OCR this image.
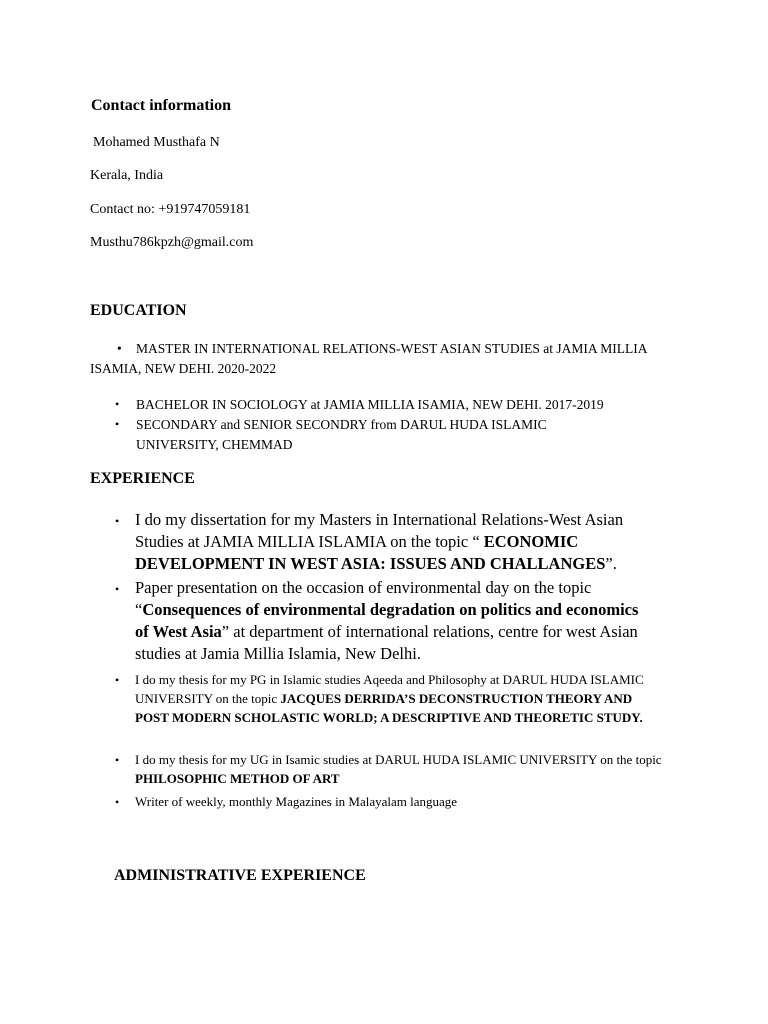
Contact information
Mohamed Musthafa N
Kerala, India
Contact no: +919747059181
Musthu786kpzh@gmail.com
EDUCATION
• MASTER IN INTERNATIONAL RELATIONS-WEST ASIAN STUDIES at JAMIA MILLIA ISAMIA, NEW DEHI. 2020-2022
• BACHELOR IN SOCIOLOGY at JAMIA MILLIA ISAMIA, NEW DEHI. 2017-2019
• SECONDARY and SENIOR SECONDRY from DARUL HUDA ISLAMIC UNIVERSITY, CHEMMAD
EXPERIENCE
• I do my dissertation for my Masters in International Relations-West Asian Studies at JAMIA MILLIA ISLAMIA on the topic “ ECONOMIC DEVELOPMENT IN WEST ASIA: ISSUES AND CHALLANGES”.
• Paper presentation on the occasion of environmental day on the topic “Consequences of environmental degradation on politics and economics of West Asia” at department of international relations, centre for west Asian studies at Jamia Millia Islamia, New Delhi.
• I do my thesis for my PG in Islamic studies Aqeeda and Philosophy at DARUL HUDA ISLAMIC UNIVERSITY on the topic JACQUES DERRIDA’S DECONSTRUCTION THEORY AND POST MODERN SCHOLASTIC WORLD; A DESCRIPTIVE AND THEORETIC STUDY.
• I do my thesis for my UG in Isamic studies at DARUL HUDA ISLAMIC UNIVERSITY on the topic PHILOSOPHIC METHOD OF ART
• Writer of weekly, monthly Magazines in Malayalam language
ADMINISTRATIVE EXPERIENCE
